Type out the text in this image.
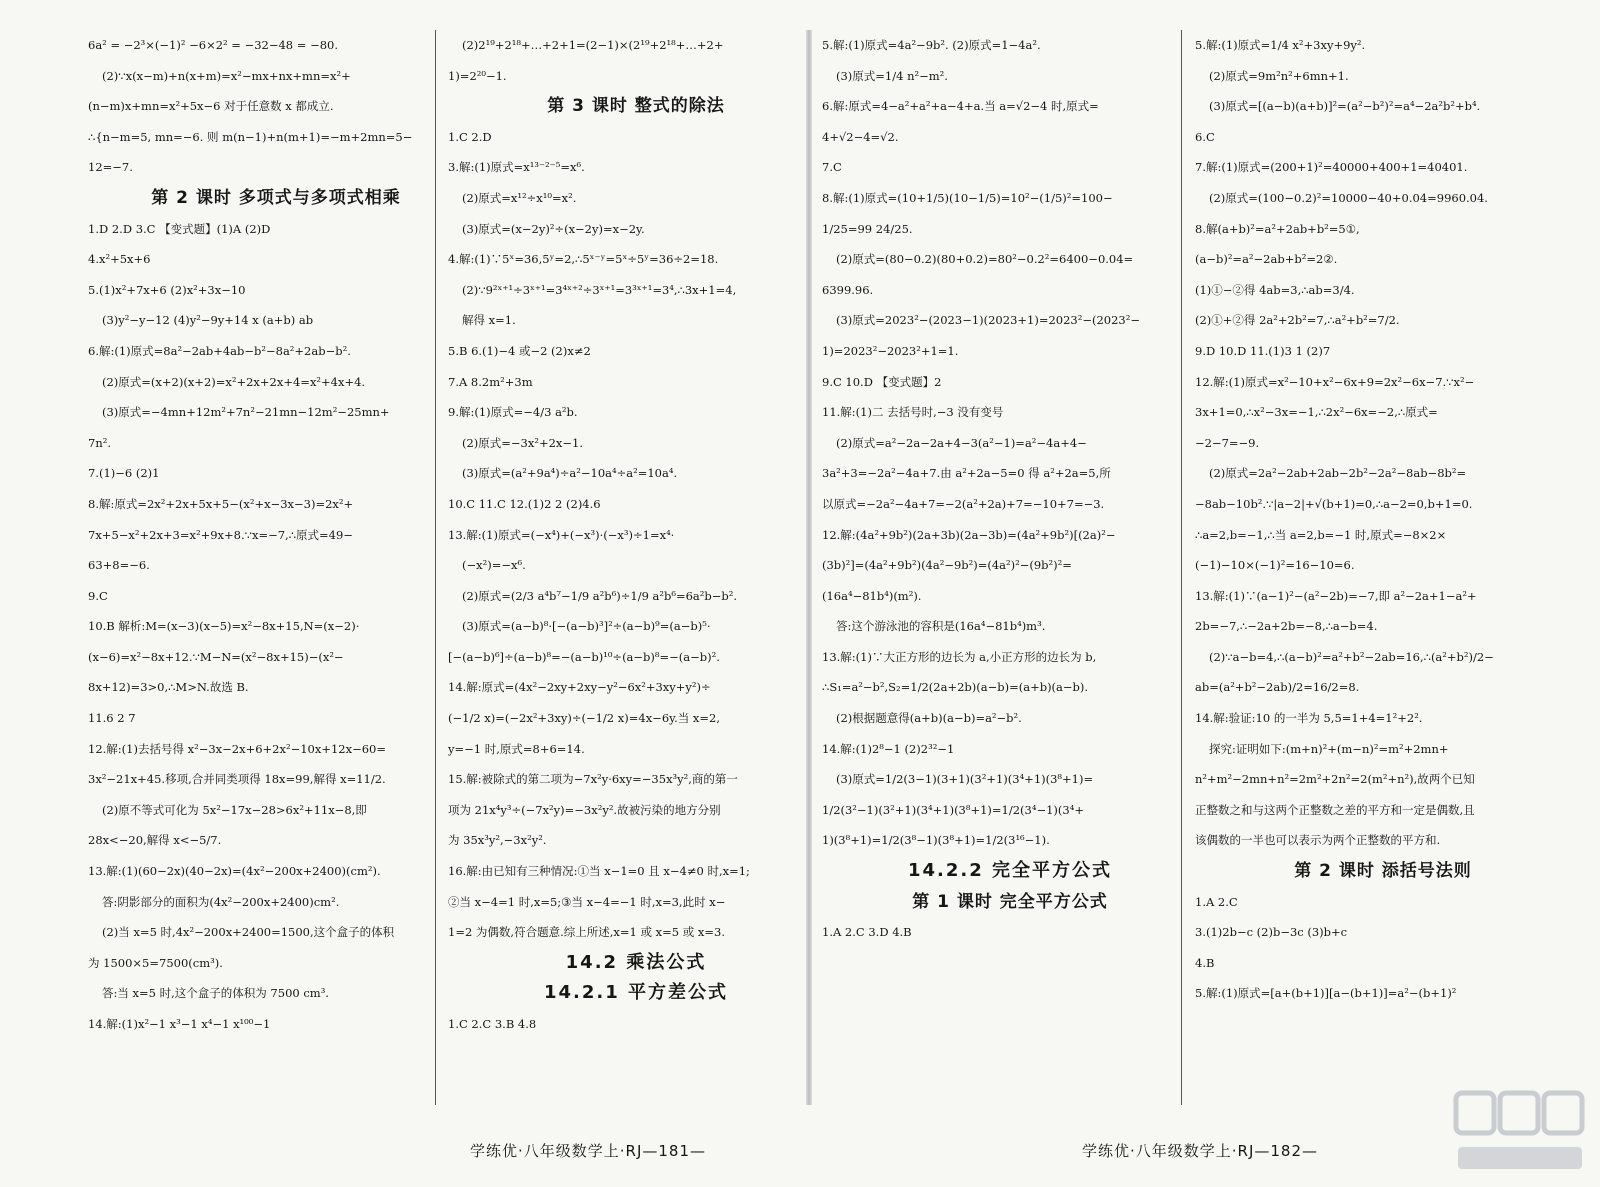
6a² = −2³×(−1)² −6×2² = −32−48 = −80.
(2)∵x(x−m)+n(x+m)=x²−mx+nx+mn=x²+
(n−m)x+mn=x²+5x−6 对于任意数 x 都成立.
∴{n−m=5, mn=−6. 则 m(n−1)+n(m+1)=−m+2mn=5−
12=−7.
第 2 课时 多项式与多项式相乘
1.D 2.D 3.C 【变式题】(1)A (2)D
4.x²+5x+6
5.(1)x²+7x+6 (2)x²+3x−10
(3)y²−y−12 (4)y²−9y+14 x (a+b) ab
6.解:(1)原式=8a²−2ab+4ab−b²−8a²+2ab−b².
(2)原式=(x+2)(x+2)=x²+2x+2x+4=x²+4x+4.
(3)原式=−4mn+12m²+7n²−21mn−12m²−25mn+
7n².
7.(1)−6 (2)1
8.解:原式=2x²+2x+5x+5−(x²+x−3x−3)=2x²+
7x+5−x²+2x+3=x²+9x+8.∵x=−7,∴原式=49−
63+8=−6.
9.C
10.B 解析:M=(x−3)(x−5)=x²−8x+15,N=(x−2)·
(x−6)=x²−8x+12.∵M−N=(x²−8x+15)−(x²−
8x+12)=3>0,∴M>N.故选 B.
11.6 2 7
12.解:(1)去括号得 x²−3x−2x+6+2x²−10x+12x−60=
3x²−21x+45.移项,合并同类项得 18x=99,解得 x=11/2.
(2)原不等式可化为 5x²−17x−28>6x²+11x−8,即
28x<−20,解得 x<−5/7.
13.解:(1)(60−2x)(40−2x)=(4x²−200x+2400)(cm²).
答:阴影部分的面积为(4x²−200x+2400)cm².
(2)当 x=5 时,4x²−200x+2400=1500,这个盒子的体积
为 1500×5=7500(cm³).
答:当 x=5 时,这个盒子的体积为 7500 cm³.
14.解:(1)x²−1 x³−1 x⁴−1 x¹⁰⁰−1
(2)2¹⁹+2¹⁸+…+2+1=(2−1)×(2¹⁹+2¹⁸+…+2+
1)=2²⁰−1.
第 3 课时 整式的除法
1.C 2.D
3.解:(1)原式=x¹³⁻²⁻⁵=x⁶.
(2)原式=x¹²÷x¹⁰=x².
(3)原式=(x−2y)²÷(x−2y)=x−2y.
4.解:(1)∵5ˣ=36,5ʸ=2,∴5ˣ⁻ʸ=5ˣ÷5ʸ=36÷2=18.
(2)∵9²ˣ⁺¹÷3ˣ⁺¹=3⁴ˣ⁺²÷3ˣ⁺¹=3³ˣ⁺¹=3⁴,∴3x+1=4,
解得 x=1.
5.B 6.(1)−4 或−2 (2)x≠2
7.A 8.2m²+3m
9.解:(1)原式=−4/3 a²b.
(2)原式=−3x²+2x−1.
(3)原式=(a²+9a⁴)÷a²−10a⁴÷a²=10a⁴.
10.C 11.C 12.(1)2 2 (2)4.6
13.解:(1)原式=(−x⁴)+(−x³)·(−x³)÷1=x⁴·
(−x²)=−x⁶.
(2)原式=(2/3 a⁴b⁷−1/9 a²b⁶)÷1/9 a²b⁶=6a²b−b².
(3)原式=(a−b)⁸·[−(a−b)³]²÷(a−b)⁹=(a−b)⁵·
[−(a−b)⁶]÷(a−b)⁸=−(a−b)¹⁰÷(a−b)⁸=−(a−b)².
14.解:原式=(4x²−2xy+2xy−y²−6x²+3xy+y²)÷
(−1/2 x)=(−2x²+3xy)÷(−1/2 x)=4x−6y.当 x=2,
y=−1 时,原式=8+6=14.
15.解:被除式的第二项为−7x²y·6xy=−35x³y²,商的第一
项为 21x⁴y³÷(−7x²y)=−3x²y².故被污染的地方分别
为 35x³y²,−3x²y².
16.解:由已知有三种情况:①当 x−1=0 且 x−4≠0 时,x=1;
②当 x−4=1 时,x=5;③当 x−4=−1 时,x=3,此时 x−
1=2 为偶数,符合题意.综上所述,x=1 或 x=5 或 x=3.
14.2 乘法公式
14.2.1 平方差公式
1.C 2.C 3.B 4.8
5.解:(1)原式=4a²−9b². (2)原式=1−4a².
(3)原式=1/4 n²−m².
6.解:原式=4−a²+a²+a−4+a.当 a=√2−4 时,原式=
4+√2−4=√2.
7.C
8.解:(1)原式=(10+1/5)(10−1/5)=10²−(1/5)²=100−
1/25=99 24/25.
(2)原式=(80−0.2)(80+0.2)=80²−0.2²=6400−0.04=
6399.96.
(3)原式=2023²−(2023−1)(2023+1)=2023²−(2023²−
1)=2023²−2023²+1=1.
9.C 10.D 【变式题】2
11.解:(1)二 去括号时,−3 没有变号
(2)原式=a²−2a−2a+4−3(a²−1)=a²−4a+4−
3a²+3=−2a²−4a+7.由 a²+2a−5=0 得 a²+2a=5,所
以原式=−2a²−4a+7=−2(a²+2a)+7=−10+7=−3.
12.解:(4a²+9b²)(2a+3b)(2a−3b)=(4a²+9b²)[(2a)²−
(3b)²]=(4a²+9b²)(4a²−9b²)=(4a²)²−(9b²)²=
(16a⁴−81b⁴)(m²).
答:这个游泳池的容积是(16a⁴−81b⁴)m³.
13.解:(1)∵大正方形的边长为 a,小正方形的边长为 b,
∴S₁=a²−b²,S₂=1/2(2a+2b)(a−b)=(a+b)(a−b).
(2)根据题意得(a+b)(a−b)=a²−b².
14.解:(1)2⁸−1 (2)2³²−1
(3)原式=1/2(3−1)(3+1)(3²+1)(3⁴+1)(3⁸+1)=
1/2(3²−1)(3²+1)(3⁴+1)(3⁸+1)=1/2(3⁴−1)(3⁴+
1)(3⁸+1)=1/2(3⁸−1)(3⁸+1)=1/2(3¹⁶−1).
14.2.2 完全平方公式
第 1 课时 完全平方公式
1.A 2.C 3.D 4.B
5.解:(1)原式=1/4 x²+3xy+9y².
(2)原式=9m²n²+6mn+1.
(3)原式=[(a−b)(a+b)]²=(a²−b²)²=a⁴−2a²b²+b⁴.
6.C
7.解:(1)原式=(200+1)²=40000+400+1=40401.
(2)原式=(100−0.2)²=10000−40+0.04=9960.04.
8.解(a+b)²=a²+2ab+b²=5①,
(a−b)²=a²−2ab+b²=2②.
(1)①−②得 4ab=3,∴ab=3/4.
(2)①+②得 2a²+2b²=7,∴a²+b²=7/2.
9.D 10.D 11.(1)3 1 (2)7
12.解:(1)原式=x²−10+x²−6x+9=2x²−6x−7.∵x²−
3x+1=0,∴x²−3x=−1,∴2x²−6x=−2,∴原式=
−2−7=−9.
(2)原式=2a²−2ab+2ab−2b²−2a²−8ab−8b²=
−8ab−10b².∵|a−2|+√(b+1)=0,∴a−2=0,b+1=0.
∴a=2,b=−1,∴当 a=2,b=−1 时,原式=−8×2×
(−1)−10×(−1)²=16−10=6.
13.解:(1)∵(a−1)²−(a²−2b)=−7,即 a²−2a+1−a²+
2b=−7,∴−2a+2b=−8,∴a−b=4.
(2)∵a−b=4,∴(a−b)²=a²+b²−2ab=16,∴(a²+b²)/2−
ab=(a²+b²−2ab)/2=16/2=8.
14.解:验证:10 的一半为 5,5=1+4=1²+2².
探究:证明如下:(m+n)²+(m−n)²=m²+2mn+
n²+m²−2mn+n²=2m²+2n²=2(m²+n²),故两个已知
正整数之和与这两个正整数之差的平方和一定是偶数,且
该偶数的一半也可以表示为两个正整数的平方和.
第 2 课时 添括号法则
1.A 2.C
3.(1)2b−c (2)b−3c (3)b+c
4.B
5.解:(1)原式=[a+(b+1)][a−(b+1)]=a²−(b+1)²
学练优·八年级数学上·RJ—181—	学练优·八年级数学上·RJ—182—
